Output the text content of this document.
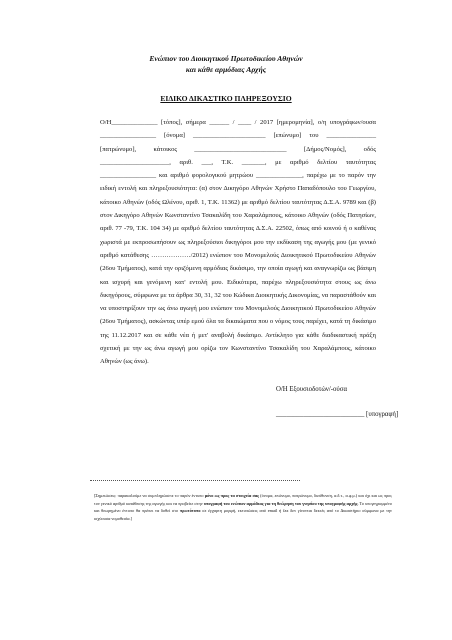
Ενώπιον του Διοικητικού Πρωτοδικείου Αθηνών
και κάθε αρμόδιας Αρχής
ΕΙΔΙΚΟ ΔΙΚΑΣΤΙΚΟ ΠΛΗΡΕΞΟΥΣΙΟ

Ο/Η______________ [τόπος], σήμερα ______ / ____ / 2017 [ημερομηνία], ο/η υπογράφων/ουσα _________________ [όνομα] ______________________ [επώνυμο] του _______________ [πατρώνυμο], κάτοικος ____________________________ [Δήμος/Νομός], οδός _____________________, αριθ. ___, Τ.Κ. _______, με αριθμό δελτίου ταυτότητας _________________ και αριθμό φορολογικού μητρώου ______________, παρέχω με το παρόν την ειδική εντολή και πληρεξουσιότητα: (α) στον Δικηγόρο Αθηνών Χρήστο Παπαδόπουλο του Γεωργίου, κάτοικο Αθηνών (οδός Ωλένου, αριθ. 1, Τ.Κ. 11362) με αριθμό δελτίου ταυτότητας Δ.Σ.Α. 9789 και (β) στον Δικηγόρο Αθηνών Κωνσταντίνο Τσακαλίδη του Χαραλάμπους, κάτοικο Αθηνών (οδός Πατησίων, αριθ. 77 -79, Τ.Κ. 104 34) με αριθμό δελτίου ταυτότητας Δ.Σ.Α. 22502, όπως από κοινού ή ο καθένας χωριστά με εκπροσωπήσουν ως πληρεξούσιοι δικηγόροι μου την εκδίκαση της αγωγής μου (με γενικό αριθμό κατάθεσης ………………/2012) ενώπιον του Μονομελούς Διοικητικού Πρωτοδικείου Αθηνών (26ου Τμήματος), κατά την οριζόμενη αρμόδιας δικάσιμο, την οποία αγωγή και αναγνωρίζω ως βάσιμη και ισχυρή και γενόμενη κατ' εντολή μου. Ειδικότερα, παρέχω πληρεξουσιότητα στους ως άνω δικηγόρους, σύμφωνα με τα άρθρα 30, 31, 32 του Κώδικα Διοικητικής Δικονομίας, να παραστάθούν και να υποστηρίξουν την ως άνω αγωγή μου ενώπιον του Μονομελούς Διοικητικού Πρωτοδικείου Αθηνών (26ου Τμήματος), ασκώντας υπέρ εμού όλα τα δικαιώματα που ο νόμος τους παρέχει, κατά τη δικάσιμο της 11.12.2017 και σε κάθε νέα ή μετ' αναβολή δικάσιμο. Αντίκλητο για κάθε διαδικαστική πράξη σχετική με την ως άνω αγωγή μου ορίζω τον Κωνσταντίνο Τσακαλίδη του Χαραλάμπους, κάτοικο Αθηνών (ως άνω).

Ο/Η Εξουσιοδοτών/-ούσα
__________________________ [υπογραφή]
[Σημειώσεις: παρακαλούμε να συμπληρώσετε το παρόν έντυπο μόνο ως προς τα στοιχεία σας (όνομα, επώνυμο, πατρώνυμο, διεύθυνση, α.δ.τ., α.φ.μ.) και όχι και ως προς τον γενικό αριθμό κατάθεσης της αγωγής και να προβείτε στην υπογραφή του ενώπιον αρμόδιας για τη θεώρηση του γνησίου της υπογραφής αρχής. Το υπογεγραμμένο και θεωρημένο έντυπο θα πρέπει να δοθεί στο πρωτότυπο σε έγχαρτη μορφή, εκτυπώσεις από email ή fax δεν γίνονται δεκτές από το Δικαστήριο σύμφωνα με την ισχύουσα νομοθεσία.]
